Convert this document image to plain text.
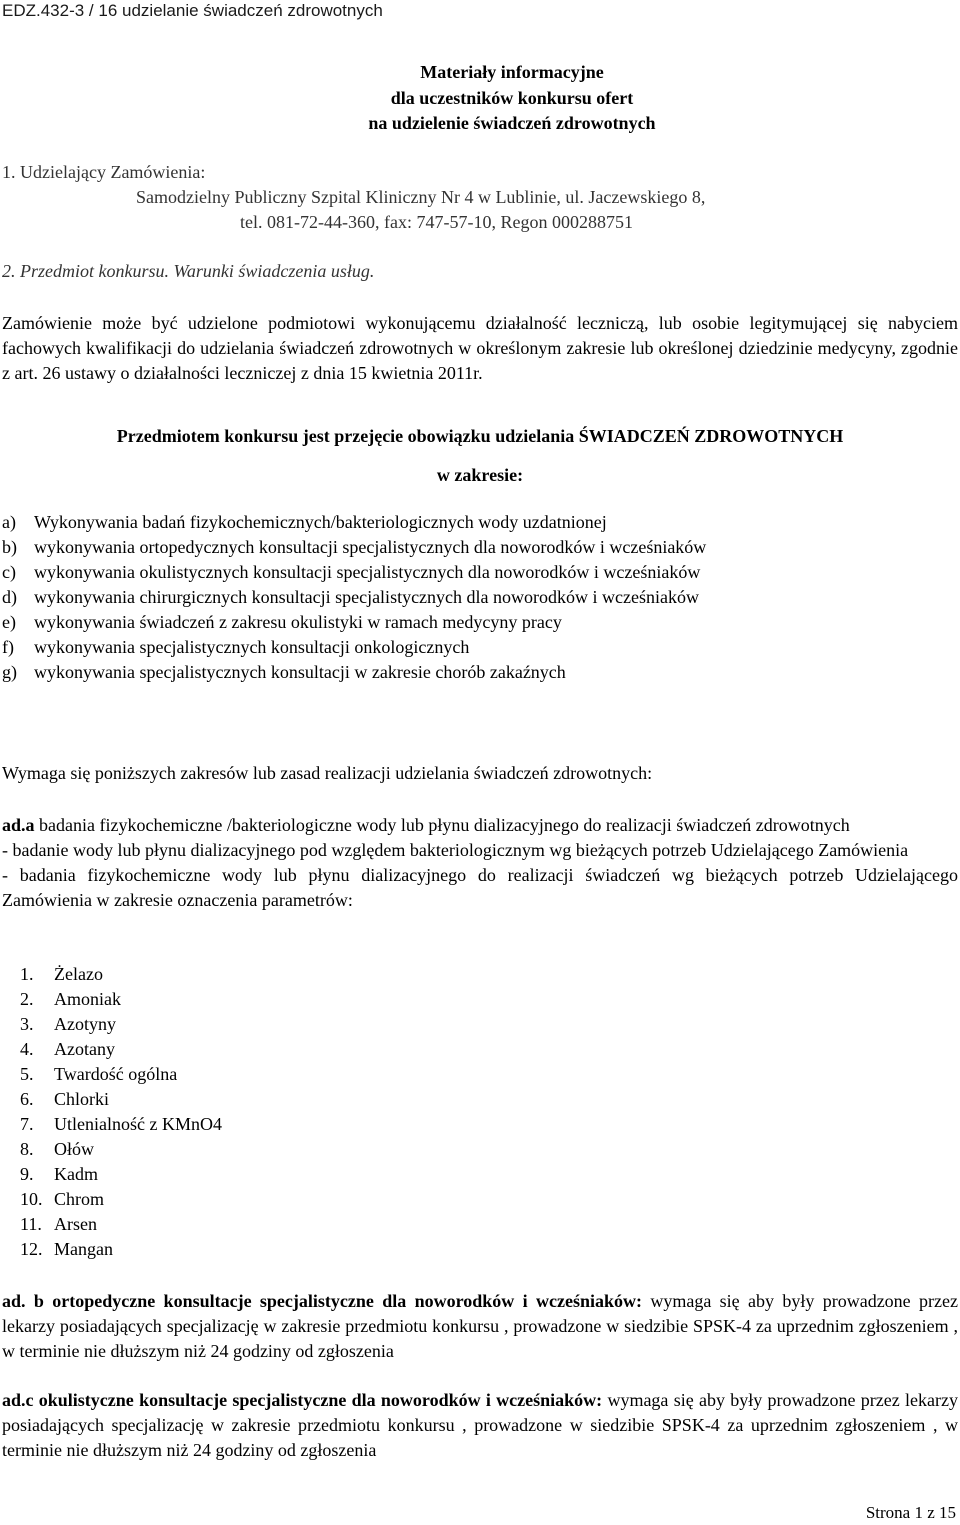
EDZ.432-3 / 16 udzielanie świadczeń zdrowotnych
Materiały informacyjne
dla uczestników konkursu ofert
na udzielenie świadczeń zdrowotnych
1. Udzielający Zamówienia:
Samodzielny Publiczny Szpital Kliniczny Nr 4 w Lublinie, ul. Jaczewskiego 8,
tel. 081-72-44-360, fax: 747-57-10, Regon 000288751
2. Przedmiot konkursu. Warunki świadczenia usług.

Zamówienie może być udzielone podmiotowi wykonującemu działalność leczniczą, lub osobie legitymującej się nabyciem fachowych kwalifikacji do udzielania świadczeń zdrowotnych w określonym zakresie lub określonej dziedzinie medycyny, zgodnie z art. 26 ustawy o działalności leczniczej z dnia 15 kwietnia 2011r.

Przedmiotem konkursu jest przejęcie obowiązku udzielania ŚWIADCZEŃ ZDROWOTNYCH
w zakresie:
a)	Wykonywania badań fizykochemicznych/bakteriologicznych wody uzdatnionej
b) wykonywania ortopedycznych konsultacji specjalistycznych dla noworodków i wcześniaków
c)	wykonywania okulistycznych konsultacji specjalistycznych dla noworodków i wcześniaków
d) wykonywania chirurgicznych konsultacji specjalistycznych dla noworodków i wcześniaków
e)	wykonywania świadczeń z zakresu okulistyki w ramach medycyny pracy
f)	wykonywania specjalistycznych konsultacji onkologicznych
g) wykonywania specjalistycznych konsultacji w zakresie chorób zakaźnych
Wymaga się poniższych zakresów lub zasad realizacji udzielania świadczeń zdrowotnych:

ad.a badania fizykochemiczne /bakteriologiczne wody lub płynu dializacyjnego do realizacji świadczeń zdrowotnych

- badanie wody lub płynu dializacyjnego pod względem bakteriologicznym wg bieżących potrzeb Udzielającego Zamówienia

- badania fizykochemiczne wody lub płynu dializacyjnego do realizacji świadczeń wg bieżących potrzeb Udzielającego Zamówienia w zakresie oznaczenia parametrów:

1. Żelazo
2. Amoniak
3. Azotyny
4. Azotany
5. Twardość ogólna
6. Chlorki
7. Utlenialność z KMnO4
8. Ołów
9. Kadm
10. Chrom
11. Arsen
12. Mangan

ad. b ortopedyczne konsultacje specjalistyczne dla noworodków i wcześniaków: wymaga się aby były prowadzone przez lekarzy posiadających specjalizację w zakresie przedmiotu konkursu , prowadzone w siedzibie SPSK-4 za uprzednim zgłoszeniem , w terminie nie dłuższym niż 24 godziny od zgłoszenia

ad.c okulistyczne konsultacje specjalistyczne dla noworodków i wcześniaków: wymaga się aby były prowadzone przez lekarzy posiadających specjalizację w zakresie przedmiotu konkursu , prowadzone w siedzibie SPSK-4 za uprzednim zgłoszeniem , w terminie nie dłuższym niż 24 godziny od zgłoszenia

Strona 1 z 15
